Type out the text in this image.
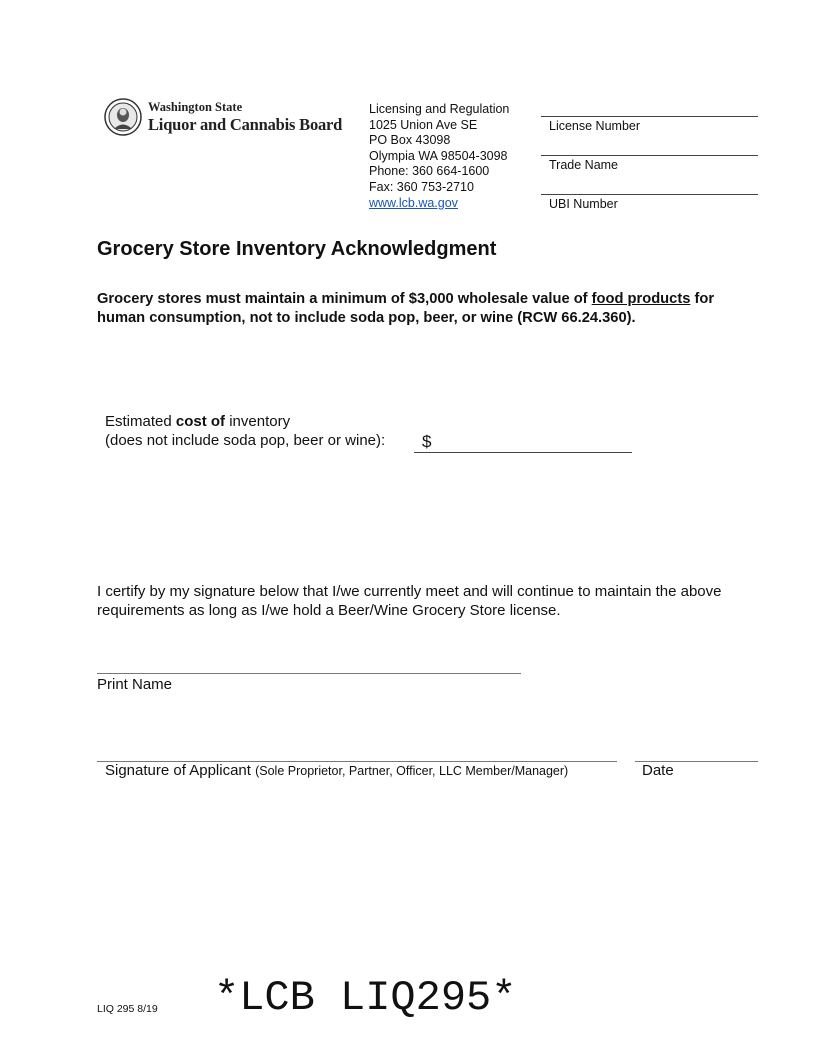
Washington State
Liquor and Cannabis Board
Licensing and Regulation
1025 Union Ave SE
PO Box 43098
Olympia WA 98504-3098
Phone: 360 664-1600
Fax: 360 753-2710
www.lcb.wa.gov
License Number
Trade Name
UBI Number
Grocery Store Inventory Acknowledgment
Grocery stores must maintain a minimum of $3,000 wholesale value of food products for human consumption, not to include soda pop, beer, or wine (RCW 66.24.360).
Estimated cost of inventory
(does not include soda pop, beer or wine): $
I certify by my signature below that I/we currently meet and will continue to maintain the above requirements as long as I/we hold a Beer/Wine Grocery Store license.
Print Name
Signature of Applicant (Sole Proprietor, Partner, Officer, LLC Member/Manager)	Date
LIQ 295 8/19 *LCB LIQ295*
